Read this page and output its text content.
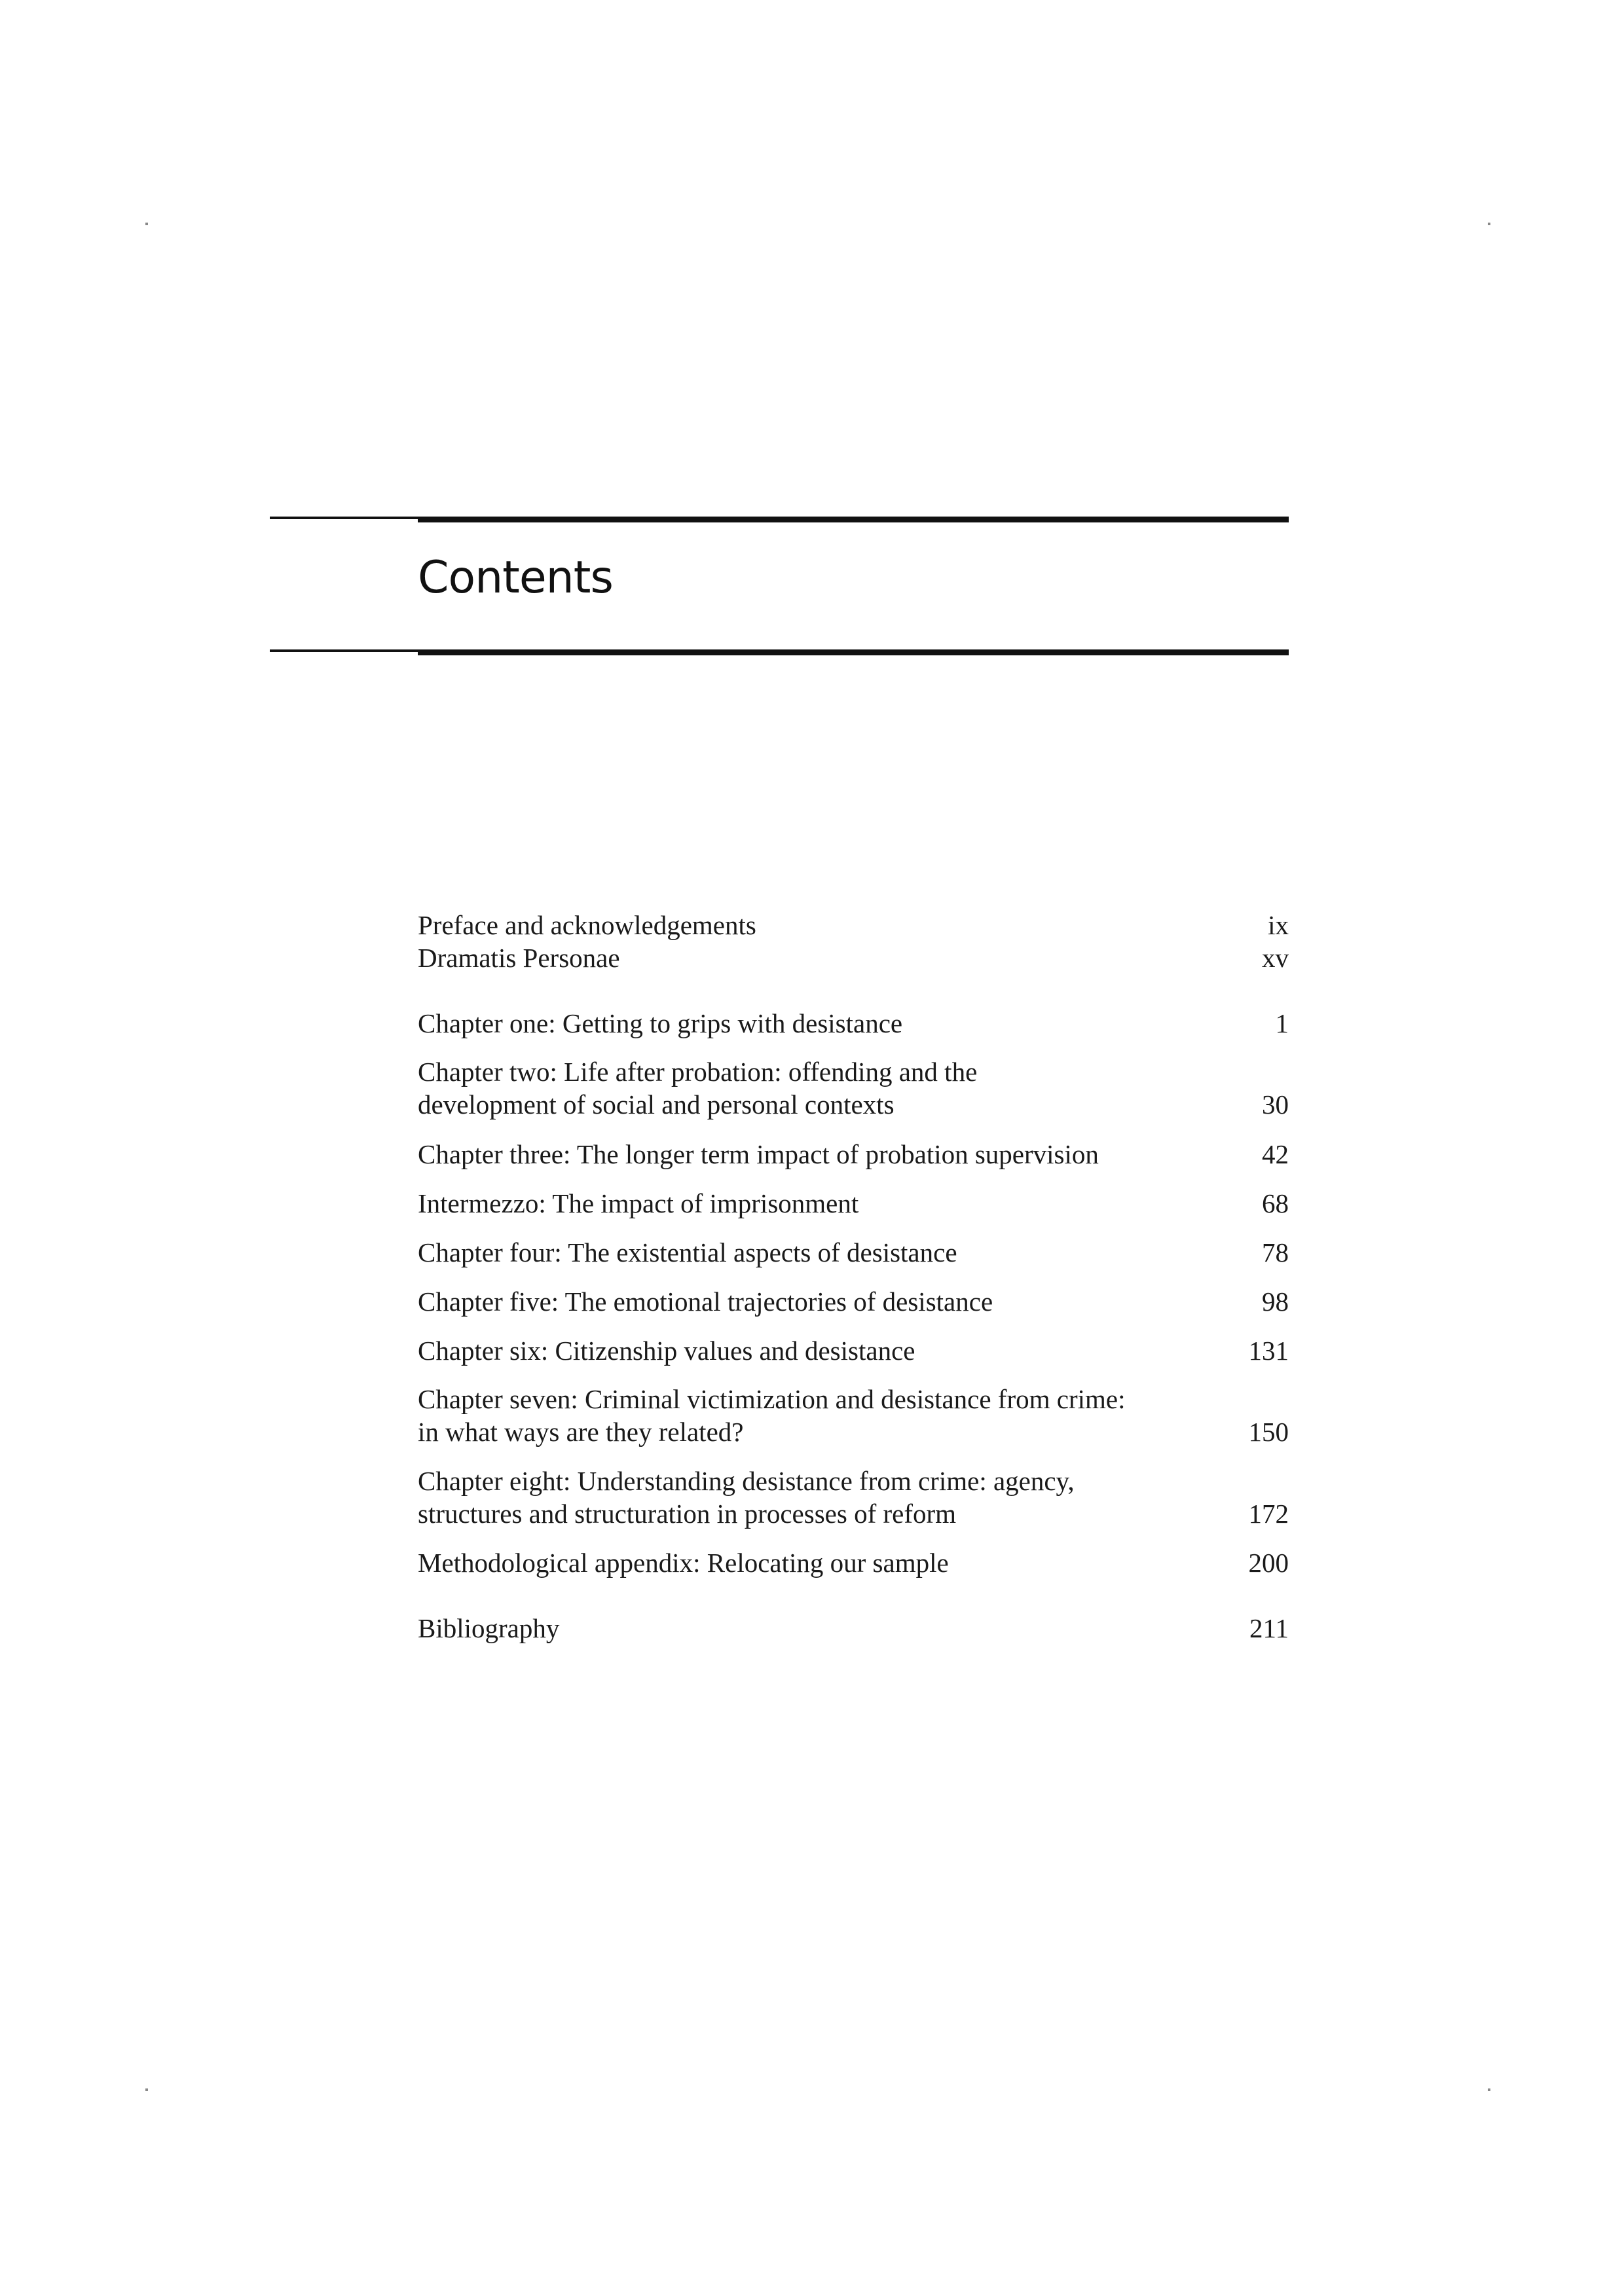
Contents
Preface and acknowledgements	ix
Dramatis Personae	xv
Chapter one: Getting to grips with desistance	1
Chapter two: Life after probation: offending and the
development of social and personal contexts	30
Chapter three: The longer term impact of probation supervision	42
Intermezzo: The impact of imprisonment	68
Chapter four: The existential aspects of desistance	78
Chapter five: The emotional trajectories of desistance	98
Chapter six: Citizenship values and desistance	131
Chapter seven: Criminal victimization and desistance from crime:
in what ways are they related?	150
Chapter eight: Understanding desistance from crime: agency,
structures and structuration in processes of reform	172
Methodological appendix: Relocating our sample	200
Bibliography	211
